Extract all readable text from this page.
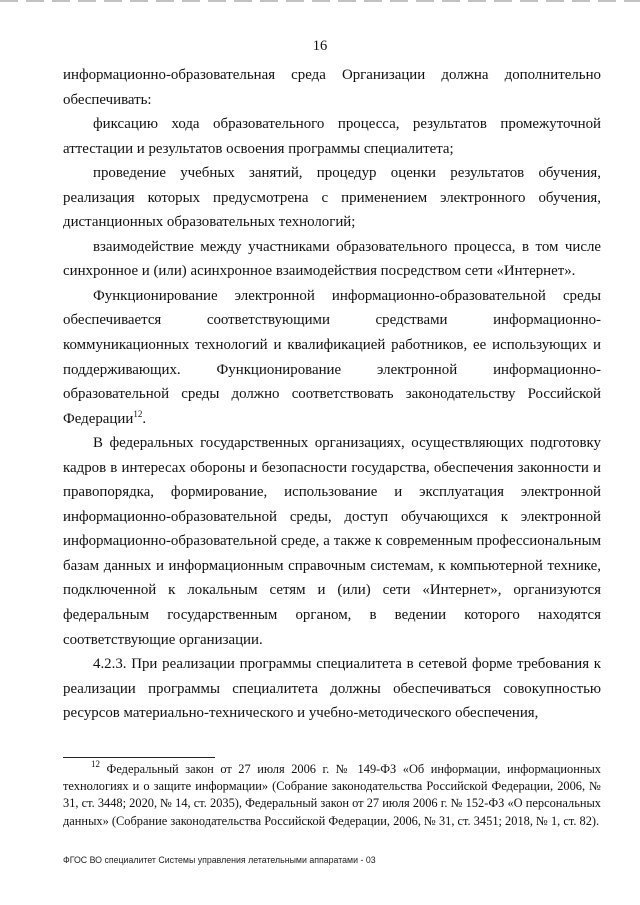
16

информационно-образовательная среда Организации должна дополнительно обеспечивать:

фиксацию хода образовательного процесса, результатов промежуточной аттестации и результатов освоения программы специалитета;

проведение учебных занятий, процедур оценки результатов обучения, реализация которых предусмотрена с применением электронного обучения, дистанционных образовательных технологий;

взаимодействие между участниками образовательного процесса, в том числе синхронное и (или) асинхронное взаимодействия посредством сети «Интернет».

Функционирование электронной информационно-образовательной среды обеспечивается соответствующими средствами информационно-коммуникационных технологий и квалификацией работников, ее использующих и поддерживающих. Функционирование электронной информационно-образовательной среды должно соответствовать законодательству Российской Федерации$^{12}$.

В федеральных государственных организациях, осуществляющих подготовку кадров в интересах обороны и безопасности государства, обеспечения законности и правопорядка, формирование, использование и эксплуатация электронной информационно-образовательной среды, доступ обучающихся к электронной информационно-образовательной среде, а также к современным профессиональным базам данных и информационным справочным системам, к компьютерной технике, подключенной к локальным сетям и (или) сети «Интернет», организуются федеральным государственным органом, в ведении которого находятся соответствующие организации.

4.2.3. При реализации программы специалитета в сетевой форме требования к реализации программы специалитета должны обеспечиваться совокупностью ресурсов материально-технического и учебно-методического обеспечения,

$^{12}$ Федеральный закон от 27 июля 2006 г. № 149-ФЗ «Об информации, информационных технологиях и о защите информации» (Собрание законодательства Российской Федерации, 2006, № 31, ст. 3448; 2020, № 14, ст. 2035), Федеральный закон от 27 июля 2006 г. № 152-ФЗ «О персональных данных» (Собрание законодательства Российской Федерации, 2006, № 31, ст. 3451; 2018, № 1, ст. 82).

ФГОС ВО специалитет Системы управления летательными аппаратами - 03
